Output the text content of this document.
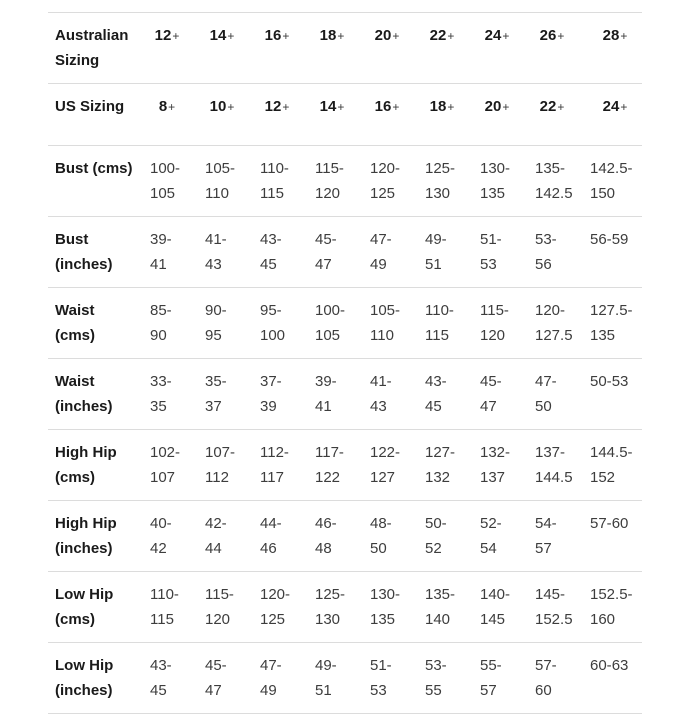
Australian Sizing	12+	14+	16+	18+	20+	22+	24+	26+	28+
US Sizing	8+	10+	12+	14+	16+	18+	20+	22+	24+
Bust (cms)	100-105	105-110	110-115	115-120	120-125	125-130	130-135	135-142.5	142.5-150
Bust (inches)	39-41	41-43	43-45	45-47	47-49	49-51	51-53	53-56	56-59
Waist (cms)	85-90	90-95	95-100	100-105	105-110	110-115	115-120	120-127.5	127.5-135
Waist (inches)	33-35	35-37	37-39	39-41	41-43	43-45	45-47	47-50	50-53
High Hip (cms)	102-107	107-112	112-117	117-122	122-127	127-132	132-137	137-144.5	144.5-152
High Hip (inches)	40-42	42-44	44-46	46-48	48-50	50-52	52-54	54-57	57-60
Low Hip (cms)	110-115	115-120	120-125	125-130	130-135	135-140	140-145	145-152.5	152.5-160
Low Hip (inches)	43-45	45-47	47-49	49-51	51-53	53-55	55-57	57-60	60-63
